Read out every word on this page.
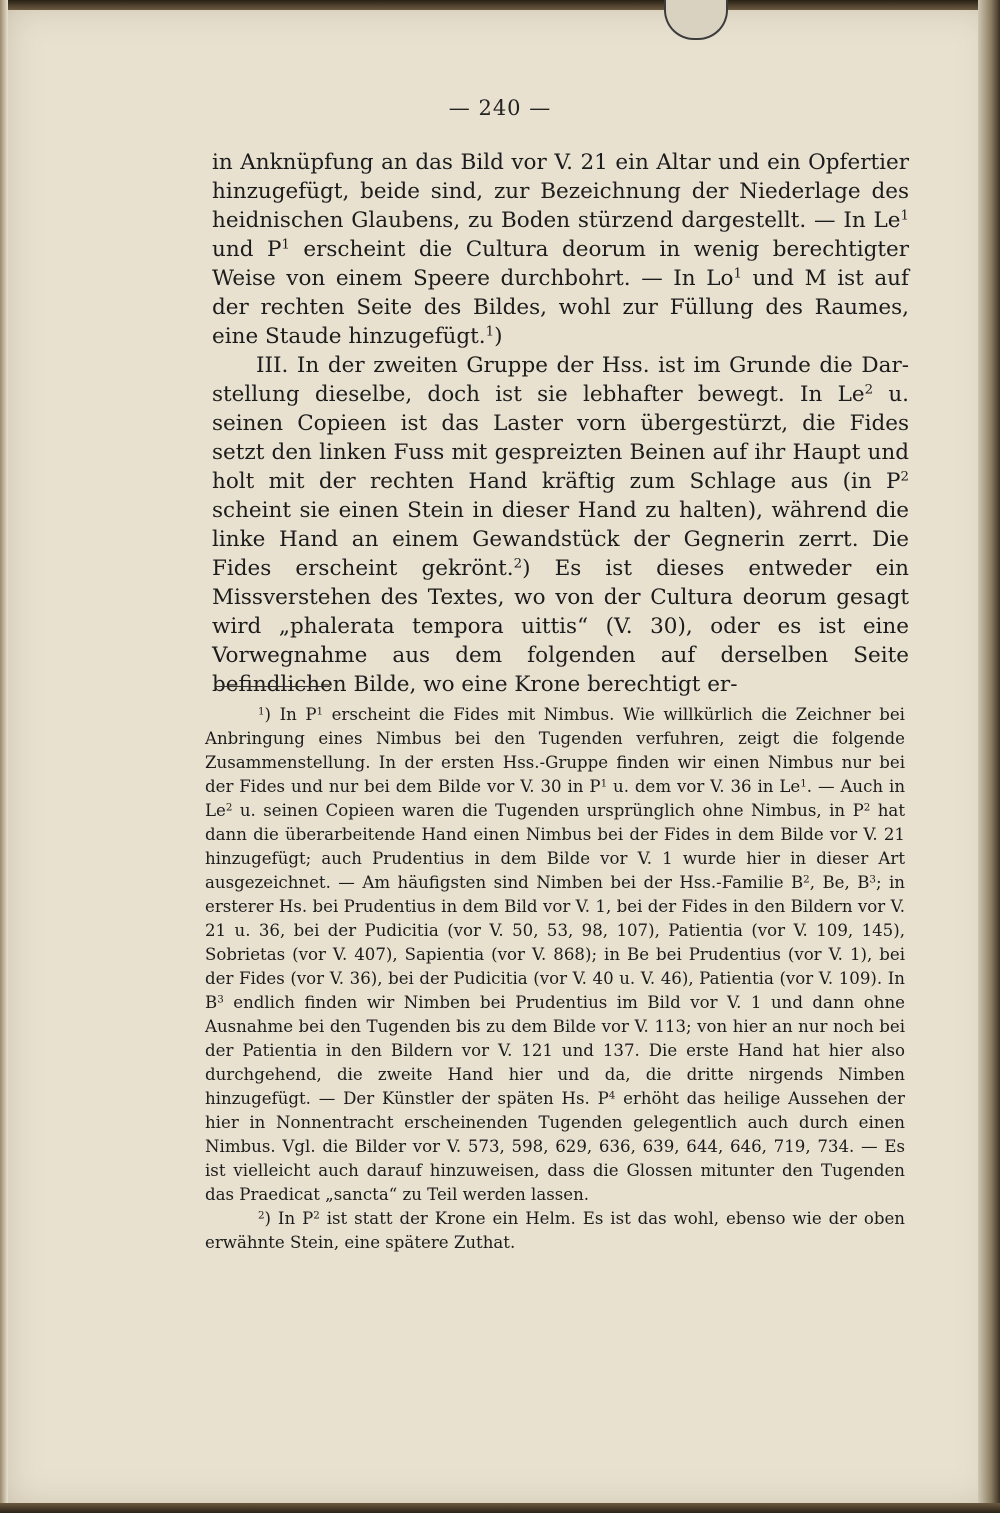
— 240 —

in Anknüpfung an das Bild vor V. 21 ein Altar und ein Opfertier hinzugefügt, beide sind, zur Bezeichnung der Niederlage des heidnischen Glaubens, zu Boden stürzend dargestellt. — In Le$^1$ und $P^1$ erscheint die Cultura deorum in wenig berechtigter Weise von einem Speere durchbohrt. — In Lo$^1$ und M ist auf der rechten Seite des Bildes, wohl zur Füllung des Raumes, eine Staude hinzugefügt.$^1$)

III. In der zweiten Gruppe der Hss. ist im Grunde die Darstellung dieselbe, doch ist sie lebhafter bewegt. In Le$^2$ u. seinen Copieen ist das Laster vorn übergestürzt, die Fides setzt den linken Fuss mit gespreizten Beinen auf ihr Haupt und holt mit der rechten Hand kräftig zum Schlage aus (in $P^2$ scheint sie einen Stein in dieser Hand zu halten), während die linke Hand an einem Gewandstück der Gegnerin zerrt. Die Fides erscheint gekrönt.$^2$) Es ist dieses entweder ein Missverstehen des Textes, wo von der Cultura deorum gesagt wird „phalerata tempora uittis“ (V. 30), oder es ist eine Vorwegnahme aus dem folgenden auf derselben Seite befindlichen Bilde, wo eine Krone berechtigt er-

$^1$) In $P^1$ erscheint die Fides mit Nimbus. Wie willkürlich die Zeichner bei Anbringung eines Nimbus bei den Tugenden verfuhren, zeigt die folgende Zusammenstellung. In der ersten Hss.-Gruppe finden wir einen Nimbus nur bei der Fides und nur bei dem Bilde vor V. 30 in $P^1$ u. dem vor V. 36 in Le$^1$. — Auch in Le$^2$ u. seinen Copieen waren die Tugenden ursprünglich ohne Nimbus, in $P^2$ hat dann die überarbeitende Hand einen Nimbus bei der Fides in dem Bilde vor V. 21 hinzugefügt; auch Prudentius in dem Bilde vor V. 1 wurde hier in dieser Art ausgezeichnet. — Am häufigsten sind Nimben bei der Hss.-Familie $B^2$, Be, $B^3$; in ersterer Hs. bei Prudentius in dem Bild vor V. 1, bei der Fides in den Bildern vor V. 21 u. 36, bei der Pudicitia (vor V. 50, 53, 98, 107), Patientia (vor V. 109, 145), Sobrietas (vor V. 407), Sapientia (vor V. 868); in Be bei Prudentius (vor V. 1), bei der Fides (vor V. 36), bei der Pudicitia (vor V. 40 u. V. 46), Patientia (vor V. 109). In $B^3$ endlich finden wir Nimben bei Prudentius im Bild vor V. 1 und dann ohne Ausnahme bei den Tugenden bis zu dem Bilde vor V. 113; von hier an nur noch bei der Patientia in den Bildern vor V. 121 und 137. Die erste Hand hat hier also durchgehend, die zweite Hand hier und da, die dritte nirgends Nimben hinzugefügt. — Der Künstler der späten Hs. $P^4$ erhöht das heilige Aussehen der hier in Nonnentracht erscheinenden Tugenden gelegentlich auch durch einen Nimbus. Vgl. die Bilder vor V. 573, 598, 629, 636, 639, 644, 646, 719, 734. — Es ist vielleicht auch darauf hinzuweisen, dass die Glossen mitunter den Tugenden das Praedicat „sancta“ zu Teil werden lassen.

$^2$) In $P^2$ ist statt der Krone ein Helm. Es ist das wohl, ebenso wie der oben erwähnte Stein, eine spätere Zuthat.
